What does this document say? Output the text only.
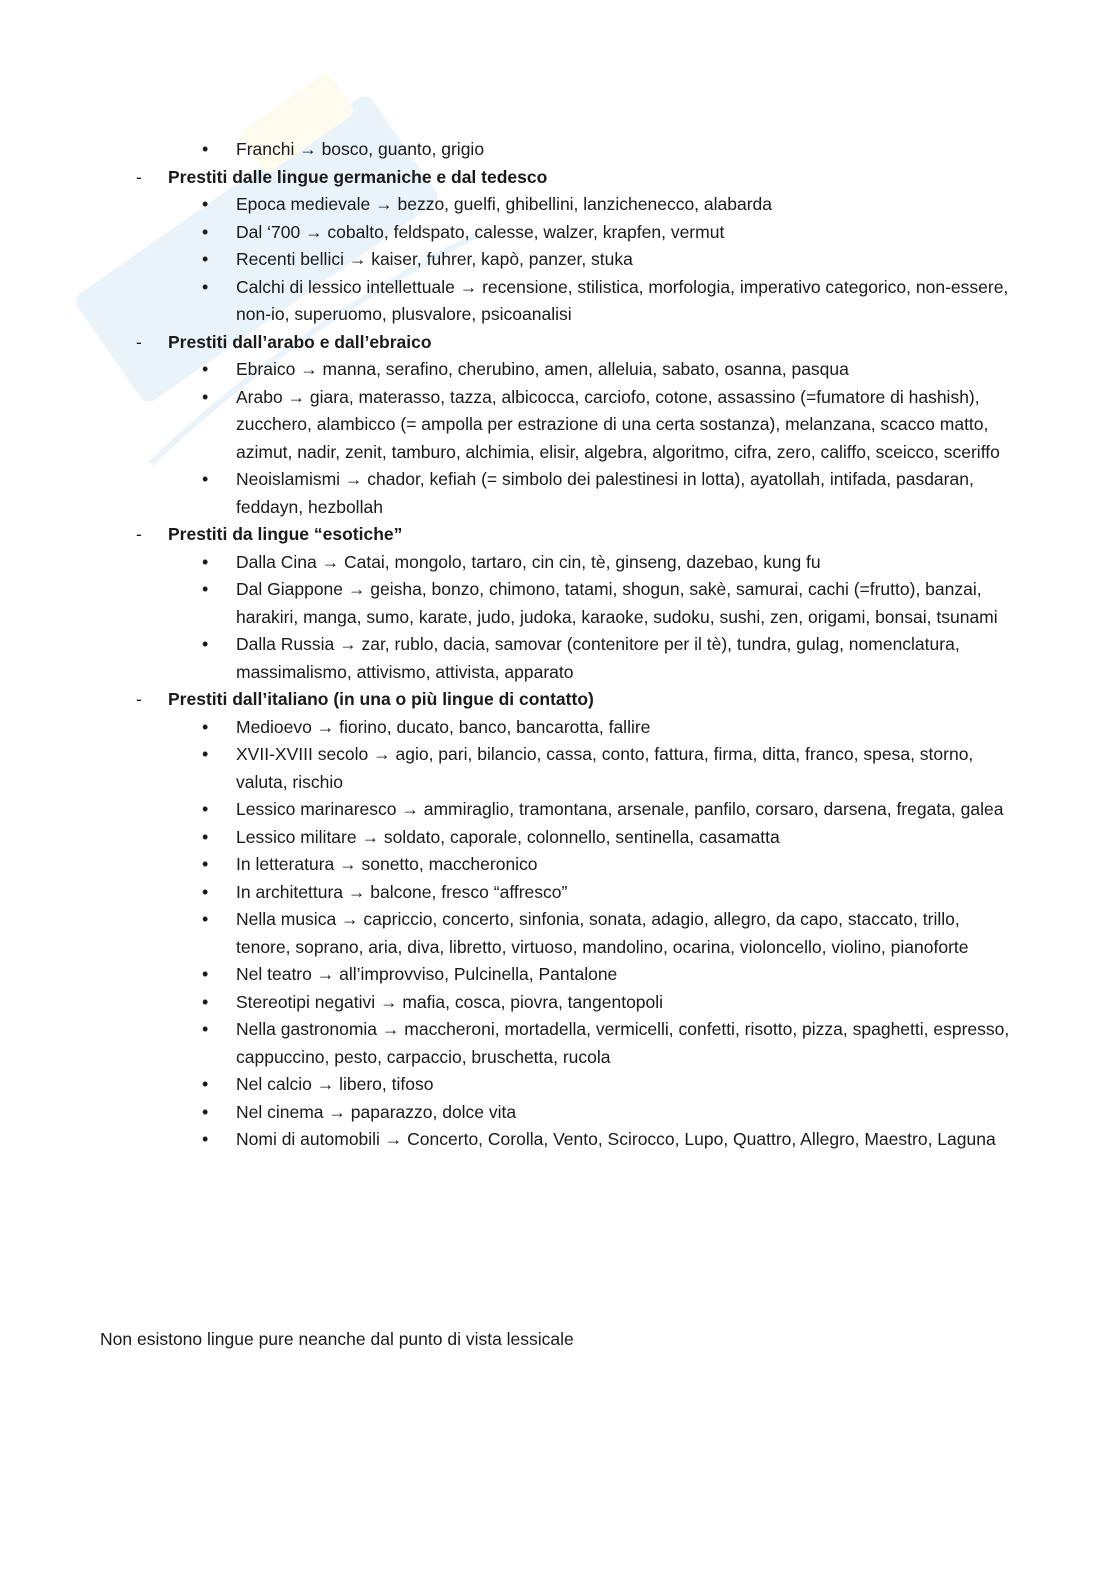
• Franchi → bosco, guanto, grigio
- Prestiti dalle lingue germaniche e dal tedesco
• Epoca medievale → bezzo, guelfi, ghibellini, lanzichenecco, alabarda
• Dal ‘700 → cobalto, feldspato, calesse, walzer, krapfen, vermut
• Recenti bellici → kaiser, fuhrer, kapò, panzer, stuka
• Calchi di lessico intellettuale → recensione, stilistica, morfologia, imperativo categorico, non-essere, non-io, superuomo, plusvalore, psicoanalisi
- Prestiti dall’arabo e dall’ebraico
• Ebraico → manna, serafino, cherubino, amen, alleluia, sabato, osanna, pasqua
• Arabo → giara, materasso, tazza, albicocca, carciofo, cotone, assassino (=fumatore di hashish), zucchero, alambicco (= ampolla per estrazione di una certa sostanza), melanzana, scacco matto, azimut, nadir, zenit, tamburo, alchimia, elisir, algebra, algoritmo, cifra, zero, califfo, sceicco, sceriffo
• Neoislamismi → chador, kefiah (= simbolo dei palestinesi in lotta), ayatollah, intifada, pasdaran, feddayn, hezbollah
- Prestiti da lingue “esotiche”
• Dalla Cina → Catai, mongolo, tartaro, cin cin, tè, ginseng, dazebao, kung fu
• Dal Giappone → geisha, bonzo, chimono, tatami, shogun, sakè, samurai, cachi (=frutto), banzai, harakiri, manga, sumo, karate, judo, judoka, karaoke, sudoku, sushi, zen, origami, bonsai, tsunami
• Dalla Russia → zar, rublo, dacia, samovar (contenitore per il tè), tundra, gulag, nomenclatura, massimalismo, attivismo, attivista, apparato
- Prestiti dall’italiano (in una o più lingue di contatto)
• Medioevo → fiorino, ducato, banco, bancarotta, fallire
• XVII-XVIII secolo → agio, pari, bilancio, cassa, conto, fattura, firma, ditta, franco, spesa, storno, valuta, rischio
• Lessico marinaresco → ammiraglio, tramontana, arsenale, panfilo, corsaro, darsena, fregata, galea
• Lessico militare → soldato, caporale, colonnello, sentinella, casamatta
• In letteratura → sonetto, maccheronico
• In architettura → balcone, fresco “affresco”
• Nella musica → capriccio, concerto, sinfonia, sonata, adagio, allegro, da capo, staccato, trillo, tenore, soprano, aria, diva, libretto, virtuoso, mandolino, ocarina, violoncello, violino, pianoforte
• Nel teatro → all’improvviso, Pulcinella, Pantalone
• Stereotipi negativi → mafia, cosca, piovra, tangentopoli
• Nella gastronomia → maccheroni, mortadella, vermicelli, confetti, risotto, pizza, spaghetti, espresso, cappuccino, pesto, carpaccio, bruschetta, rucola
• Nel calcio → libero, tifoso
• Nel cinema → paparazzo, dolce vita
• Nomi di automobili → Concerto, Corolla, Vento, Scirocco, Lupo, Quattro, Allegro, Maestro, Laguna

Non esistono lingue pure neanche dal punto di vista lessicale
